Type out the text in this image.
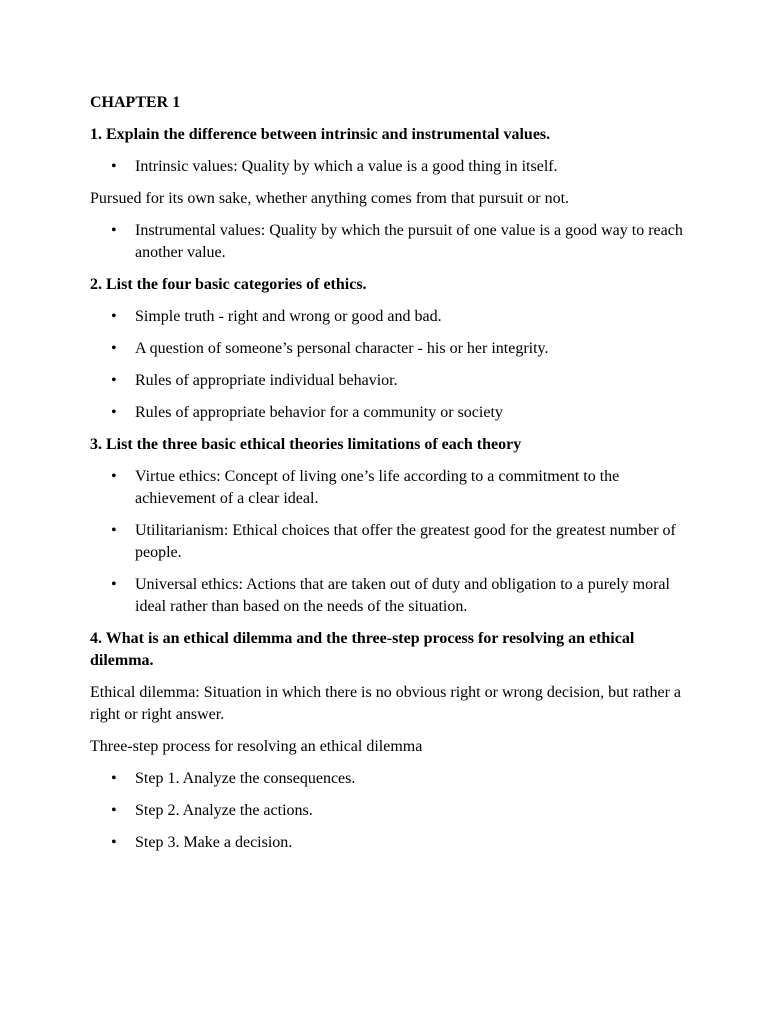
CHAPTER 1

1. Explain the difference between intrinsic and instrumental values.

• Intrinsic values: Quality by which a value is a good thing in itself.

Pursued for its own sake, whether anything comes from that pursuit or not.

• Instrumental values: Quality by which the pursuit of one value is a good way to reach another value.

2. List the four basic categories of ethics.

• Simple truth - right and wrong or good and bad.
• A question of someone’s personal character - his or her integrity.
• Rules of appropriate individual behavior.
• Rules of appropriate behavior for a community or society

3. List the three basic ethical theories limitations of each theory

• Virtue ethics: Concept of living one’s life according to a commitment to the achievement of a clear ideal.
• Utilitarianism: Ethical choices that offer the greatest good for the greatest number of people.
• Universal ethics: Actions that are taken out of duty and obligation to a purely moral ideal rather than based on the needs of the situation.

4. What is an ethical dilemma and the three-step process for resolving an ethical dilemma.

Ethical dilemma: Situation in which there is no obvious right or wrong decision, but rather a right or right answer.

Three-step process for resolving an ethical dilemma

• Step 1. Analyze the consequences.
• Step 2. Analyze the actions.
• Step 3. Make a decision.
